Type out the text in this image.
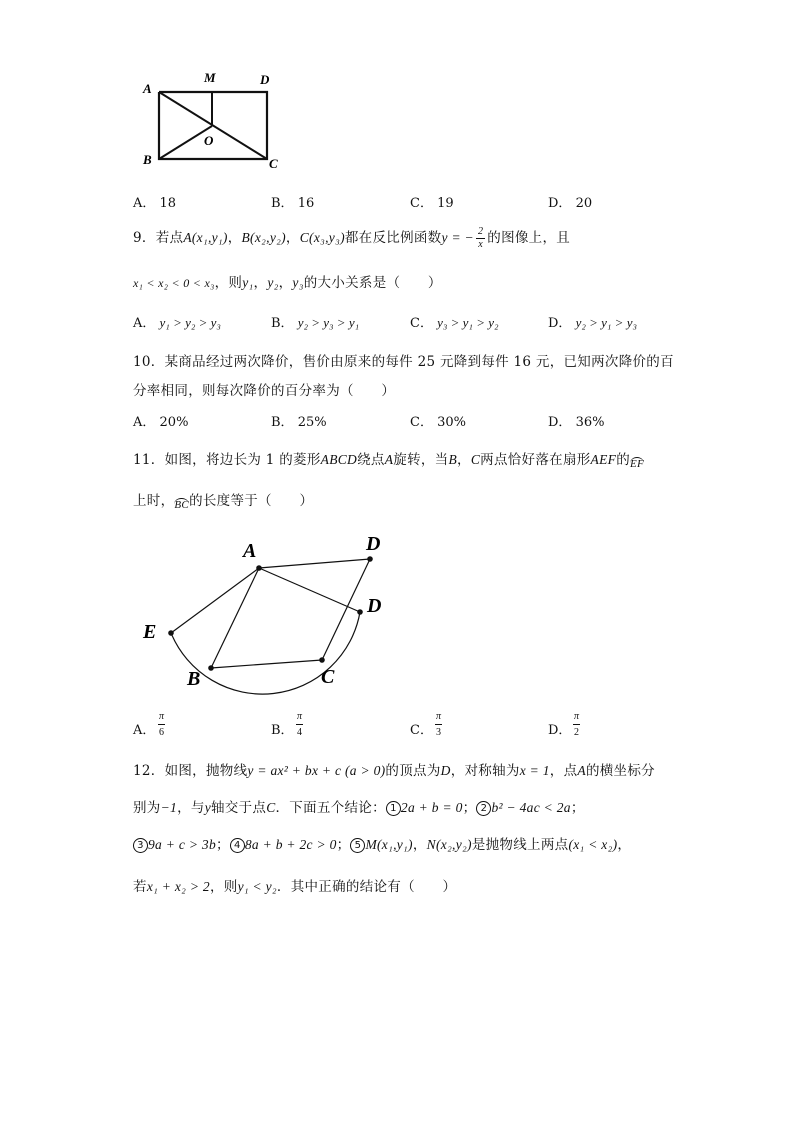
A
M	D
O
B	C
A． 18	B． 16	C． 19	D． 20
9．若点A(x₁,y₁)，B(x₂,y₂)，C(x₃,y₃)都在反比例函数y = − $\frac{2}{x}$ 的图像上，且
x₁ < x₂ < 0 < x₃，则y₁，y₂，y₃的大小关系是（　　）
A． y₁ > y₂ > y₃	B． y₂ > y₃ > y₁	C． y₃ > y₁ > y₂	D． y₂ > y₁ > y₃
10．某商品经过两次降价，售价由原来的每件 25 元降到每件 16 元，已知两次降价的百
分率相同，则每次降价的百分率为（　　）
A． 20%	B． 25%	C． 30%	D． 36%
11．如图，将边长为 1 的菱形ABCD绕点A旋转，当B，C两点恰好落在扇形AEF的$_{EF}$
上时，$_{BC}$的长度等于（　　）
A	D
D
E
B	C
A． $\frac{\pi}{6}$	B． $\frac{\pi}{4}$	C． $\frac{\pi}{3}$	D． $\frac{\pi}{2}$
12．如图，抛物线y = ax² + bx + c (a > 0)的顶点为D，对称轴为x = 1，点A的横坐标分
别为−1，与y轴交于点C．下面五个结论： 1 2a + b = 0； 2 b² − 4ac < 2a；
3 9a + c > 3b； 4 8a + b + 2c > 0； 5 M(x₁,y₁)，N(x₂,y₂)是抛物线上两点(x₁ < x₂)，
若x₁ + x₂ > 2，则y₁ < y₂．其中正确的结论有（　　）
